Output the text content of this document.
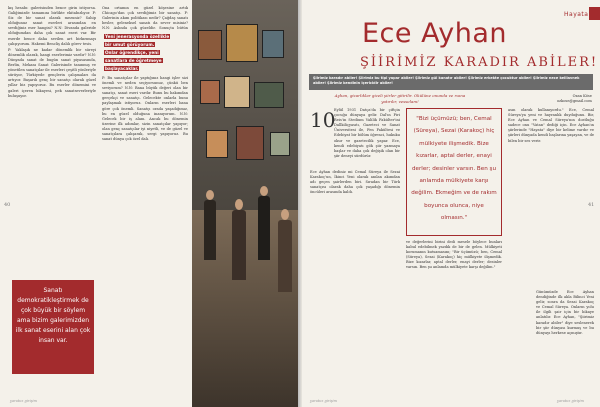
kış hesabı: galerisinden bence girin istiyorsa. Galiğimizde tamamını birlikte ekitabızlıyor. P: Siz de bir sanat olarak mezuniz? Sahip olduğunuz sanat eserleri arasından en sevdiğiniz eser hangisi? N.N: Divanda galeride olduğumdan daha çok sanat eseri var. Bir eserde bence daha sevilen art birkırımayı çalışıyorum. Hakemi Bencliş dalılı görev tesis.

P: Yaklaşık ne kadar dönemlik bir süreyi dönemlik olarak, hangi eserlerimiz vardır? N.N: Dünyada sanat de bugün sanat piyasasında, Berlin, Mekanı Sanat Galerisinde tanınmış ve yönetilen sanatçılar ile eserleri çeşitli yönleriyle sürüyor, Türkiyede gençlerin çalışmaları da artıyor. Başarılı genç bir sanatçı olarak güzel yıllar biz yapıyoruz. Bu eserler dönemini ve galeri içeren hikayesi, pek sanatseverleriyle buluşuyor.

Ona ortamın en güzel köşesine artık Chicago'dan çok sevdiğimiz bir sanatçı. P: Galerinin akım politikası nedir? Çağdaş sanatı besler, geleneksel sanatı da sever misiniz? N.N: Aslında çok güzeldir. Sonuçta bütün

Yeni jenerasyonda özellikle
bir umut görüyorum.
Onlar öğrendikçe, yeni
sanatlara de öğretmeye
başlayacaklar.

P: Bu sanatçılar ile yaptığınız hangi işler sizi önemli ve neden seçiyorsunuz, çünkü ben seviyorum? N.N: Bana büyük değeri olan bir sanatçı, sanat eseri vardır. Bunu bu bakımdan gerçekçi ve sanatçı. Gelecekte onlarla bunu paylaşmak istiyoruz. Onların eserleri bana göre çok önemli. Sanatçı orada yaşadığımız, bu en güzel olduğuna inanıyorum. N.N: Gelecek bir iş alanı. Ancak bu dönemin üzerine ilk adımlar, sizin sanatçılar yapıyor; olan genç sanatçılar iyi niyetli, ve de güzel ve sanatçılara çalışarak, sergi yapıyoruz. Bu sanat dünya çok özel dalı.

Sanatı demokratikleştirmek de çok büyük bir söylem ama bizim galerimizden ilk sanat eserini alan çok insan var.
40
yaratıcı girişim
Hayata
Ece Ayhan
ŞİİRİMİZ KARADIR ABİLER!
Şiirimiz karadır abiler! Şiirimiz bu tipi yapar abiler! Şiirimiz gül kanatır abiler! Şiirimiz erkekte çocuktur abiler! Şiirimiz nece kelliavnek abiler! Şiirimiz kendinin içericidir abiler!
Ayhan, gizarlıklar gizeli şiirler gitirilir. Okülüne onunda ve ruına yatırılır, vesselam!
Ozan Köse
ozkose@gmail.com
10

Eylül 1931 Datça'da bir çiftçin çocuğu dünyaya gelir. Dal'ın Piri Reis'in Stedium Valilik Fakülter'ini Dallkiliçyasıtı, Gazeteci ve Sanat Üniversitesi ile, Fen Fakültesi ve Edebiyat bir bölüm öğrenci, hukuku okur ve gazetecilik yapar. Ece, kendi edebiyatı gök şiir yazmaya başlar ve daha çok değişik olan bir şiir deneyi sürdürür.

Ece Ayhan dediniz mi Cemal Süreya ile Sezai Karakoç'un, İkinci Yeni olarak anılan akımdan adı geçen şairlerden biri. Sıradan bir Türk sanatçısı olarak daha çok yaşadığı dönemin öncüleri arasında kaldı.

"Bizi üçümüzü; ben, Cemal (Süreya), Sezai (Karakoç) hiç mülkiyete ilişmedik. Bize kızarlar, aptal derler, enayi derler; desinler varsın. Ben şu anlamda mülkiyete karşı değilim. Ekmeğim ve de rakım boyunca olunca, niye olmasın."

ve değerlerini birini dedi mesele böylece bunları kabul edebilmek yazdık de bir de gelen. Mülkiyeti korumanın kutsamasını; "Bir üçümüzü; ben, Cemal (Süreya), Sezai (Karakoç) hiç mülkiyete ilişmedik. Bize kızarlar, aptal derler, enayi derler; desinler varsın. Ben şu anlamda mülkiyete karşı değilim."

asın olarak kullanıyordu." Ece, Cemal Süreya'ya yeni ve hayranlık duyduğunu. Bir, Ece Ayhan ve Cemal Süreya'nın dostluğu sadece onu "Vatan" dediği için. Ece Ayhan'ın şiirlerinde "Hayata" diye bir kelime vardır ve şiirleri dünyada kendi başlarına yaşayan, ve de bilen bir ses verir.

Günümüzde Ece Ayhan dendiğinde ilk akla Bilinci Yeni gelir, sonra da Sezai Karakoç ve Cemal Süreya. Onların yolu ile ilgili şair için bir hikaye anlatılır. Ece Ayhan, "Şiirimiz karadır abiler" diye seslenerek bir şiir dünyası kurmuş ve bu dünyayı herkese açmıştır.

41
yaratıcı girişim	yaratıcı girişim
